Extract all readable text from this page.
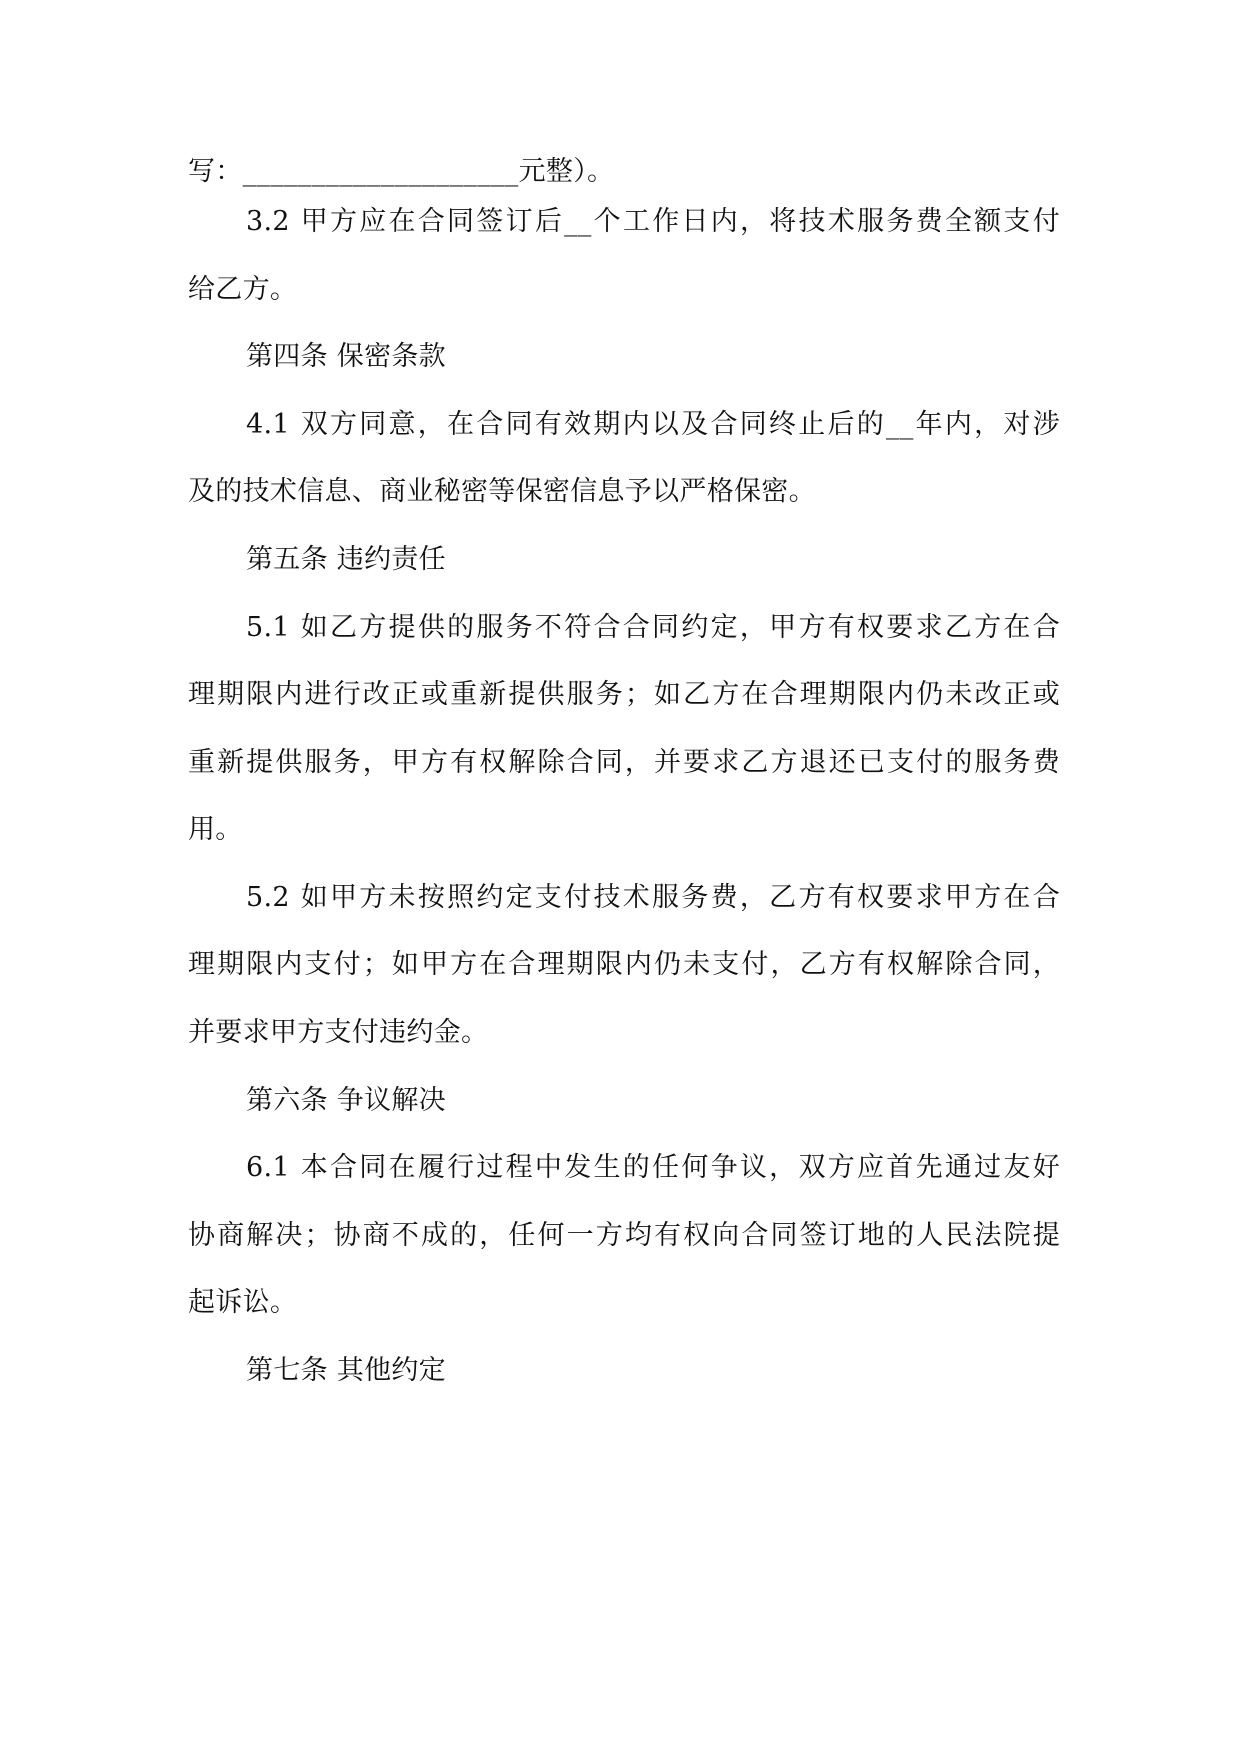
写：____________________元整）。
3.2 甲方应在合同签订后__个工作日内，将技术服务费全额支付
给乙方。
第四条 保密条款
4.1 双方同意，在合同有效期内以及合同终止后的__年内，对涉
及的技术信息、商业秘密等保密信息予以严格保密。
第五条 违约责任
5.1 如乙方提供的服务不符合合同约定，甲方有权要求乙方在合
理期限内进行改正或重新提供服务；如乙方在合理期限内仍未改正或
重新提供服务，甲方有权解除合同，并要求乙方退还已支付的服务费
用。
5.2 如甲方未按照约定支付技术服务费，乙方有权要求甲方在合
理期限内支付；如甲方在合理期限内仍未支付，乙方有权解除合同，
并要求甲方支付违约金。
第六条 争议解决
6.1 本合同在履行过程中发生的任何争议，双方应首先通过友好
协商解决；协商不成的，任何一方均有权向合同签订地的人民法院提
起诉讼。
第七条 其他约定
